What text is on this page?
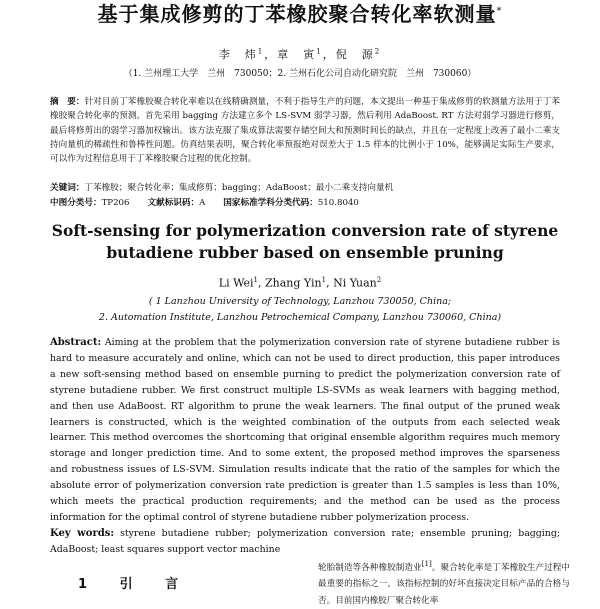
基于集成修剪的丁苯橡胶聚合转化率软测量*
李　炜$^1$，章　寅$^1$，倪　源$^2$
（1. 兰州理工大学　兰州　730050；2. 兰州石化公司自动化研究院　兰州　730060）
摘　要：针对目前丁苯橡胶聚合转化率难以在线精确测量，不利于指导生产的问题，本文提出一种基于集成修剪的软测量方法用于丁苯橡胶聚合转化率的预测。首先采用 bagging 方法建立多个 LS-SVM 弱学习器，然后利用 AdaBoost. RT 方法对弱学习器进行修剪，最后将修剪出的弱学习器加权输出。该方法克服了集成算法需要存储空间大和预测时间长的缺点，并且在一定程度上改善了最小二乘支持向量机的稀疏性和鲁棒性问题。仿真结果表明，聚合转化率预报绝对误差大于 1.5 样本的比例小于 10%，能够满足实际生产要求，可以作为过程信息用于丁苯橡胶聚合过程的优化控制。
关键词：丁苯橡胶；聚合转化率；集成修剪；bagging；AdaBoost；最小二乘支持向量机
中图分类号：TP206 文献标识码：A 国家标准学科分类代码：510.8040
Soft-sensing for polymerization conversion rate of styrene butadiene rubber based on ensemble pruning
Li Wei$^1$, Zhang Yin$^1$, Ni Yuan$^2$
( 1 Lanzhou University of Technology, Lanzhou 730050, China;
2. Automation Institute, Lanzhou Petrochemical Company, Lanzhou 730060, China)
Abstract: Aiming at the problem that the polymerization conversion rate of styrene butadiene rubber is hard to measure accurately and online, which can not be used to direct production, this paper introduces a new soft-sensing method based on ensemble purning to predict the polymerization conversion rate of styrene butadiene rubber. We first construct multiple LS-SVMs as weak learners with bagging method, and then use AdaBoost. RT algorithm to prune the weak learners. The final output of the pruned weak learners is constructed, which is the weighted combination of the outputs from each selected weak learner. This method overcomes the shortcoming that original ensemble algorithm requires much memory storage and longer prediction time. And to some extent, the proposed method improves the sparseness and robustness issues of LS-SVM. Simulation results indicate that the ratio of the samples for which the absolute error of polymerization conversion rate prediction is greater than 1.5 samples is less than 10%, which meets the practical production requirements; and the method can be used as the process information for the optimal control of styrene butadiene rubber polymerization process.
Key words: styrene butadiene rubber; polymerization conversion rate; ensemble pruning; bagging; AdaBoost; least squares support vector machine
1 引 言
轮胎制造等各种橡胶制造业[1]。聚合转化率是丁苯橡胶生产过程中最重要的指标之一，该指标控制的好坏直接决定目标产品的合格与否。目前国内橡胶厂聚合转化率
